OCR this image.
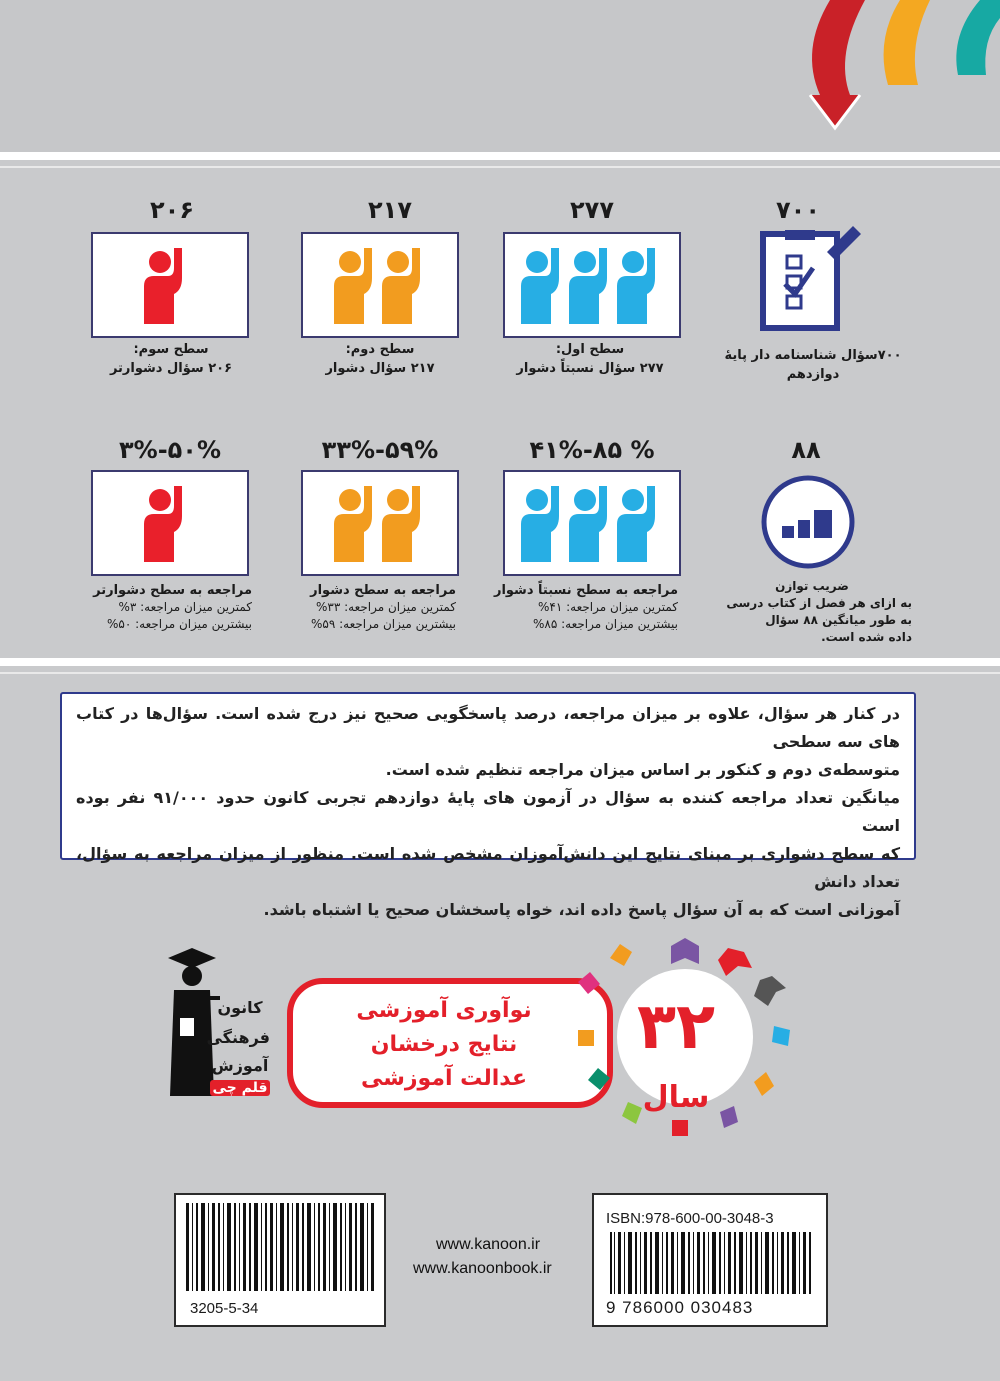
۷۰۰
۷۰۰سؤال شناسنامه دار پایۀ دوازدهم
۲۷۷
سطح اول:
۲۷۷ سؤال نسبتاً دشوار
۲۱۷
سطح دوم:
۲۱۷ سؤال دشوار
۲۰۶
سطح سوم:
۲۰۶ سؤال دشوارتر
۸۸
ضریب توازن
به ازای هر فصل از کتاب درسی
به طور میانگین ۸۸ سؤال
داده شده است.
۴۱%-۸۵ %
مراجعه به سطح نسبتاً دشوار
کمترین میزان مراجعه: ۴۱%
بیشترین میزان مراجعه: ۸۵%
۳۳%-۵۹%
مراجعه به سطح دشوار
کمترین میزان مراجعه: ۳۳%
بیشترین میزان مراجعه: ۵۹%
۳%-۵۰%
مراجعه به سطح دشوارتر
کمترین میزان مراجعه: ۳%
بیشترین میزان مراجعه: ۵۰%

در کنار هر سؤال، علاوه بر میزان مراجعه، درصد پاسخگویی صحیح نیز درج شده است. سؤال‌ها در کتاب های سه سطحی

متوسطه‌ی دوم و کنکور بر اساس میزان مراجعه تنظیم شده است.

میانگین تعداد مراجعه کننده به سؤال در آزمون های پایۀ دوازدهم تجربی کانون حدود ۹۱/۰۰۰ نفر بوده است

که سطح دشواری بر مبنای نتایج این دانش‌آموزان مشخص شده است. منظور از میزان مراجعه به سؤال، تعداد دانش

آموزانی است که به آن سؤال پاسخ داده اند، خواه پاسخشان صحیح یا اشتباه باشد.

کانون
فرهنگی
آموزش
قلم چی
نوآوری آموزشی
نتایج درخشان
عدالت آموزشی
۳۲
سال
3205-5-34
www.kanoon.ir
www.kanoonbook.ir
ISBN:978-600-00-3048-3
9 786000 030483
